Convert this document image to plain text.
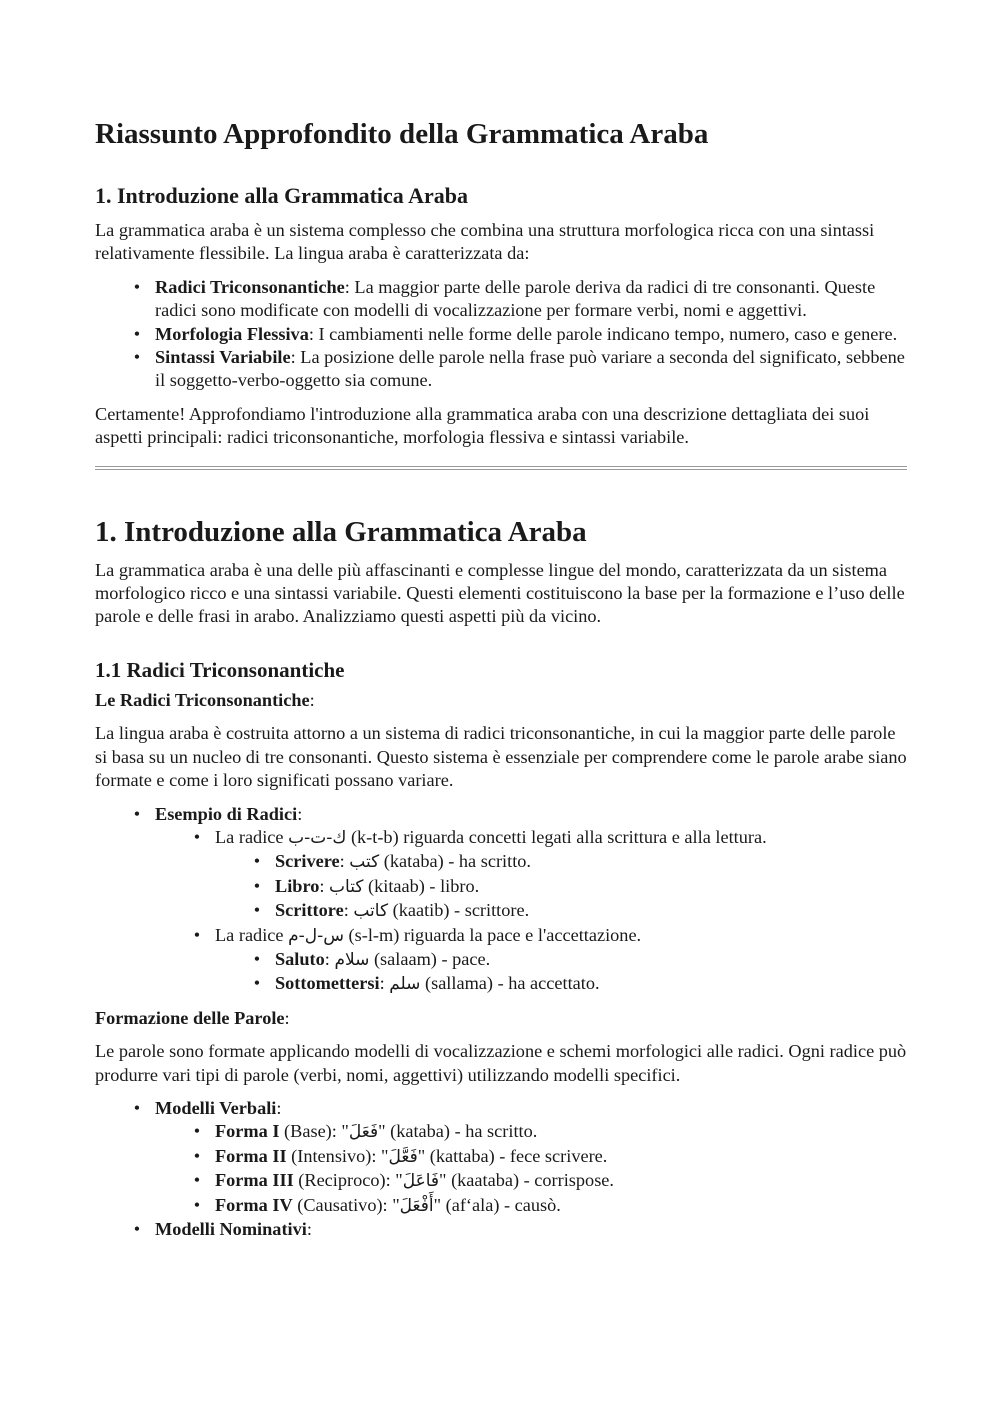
Riassunto Approfondito della Grammatica Araba
1. Introduzione alla Grammatica Araba

La grammatica araba è un sistema complesso che combina una struttura morfologica ricca con una sintassi relativamente flessibile. La lingua araba è caratterizzata da:

• Radici Triconsonantiche: La maggior parte delle parole deriva da radici di tre consonanti. Queste radici sono modificate con modelli di vocalizzazione per formare verbi, nomi e aggettivi.
• Morfologia Flessiva: I cambiamenti nelle forme delle parole indicano tempo, numero, caso e genere.
• Sintassi Variabile: La posizione delle parole nella frase può variare a seconda del significato, sebbene il soggetto-verbo-oggetto sia comune.

Certamente! Approfondiamo l'introduzione alla grammatica araba con una descrizione dettagliata dei suoi aspetti principali: radici triconsonantiche, morfologia flessiva e sintassi variabile.

1. Introduzione alla Grammatica Araba

La grammatica araba è una delle più affascinanti e complesse lingue del mondo, caratterizzata da un sistema morfologico ricco e una sintassi variabile. Questi elementi costituiscono la base per la formazione e l’uso delle parole e delle frasi in arabo. Analizziamo questi aspetti più da vicino.

1.1 Radici Triconsonantiche

Le Radici Triconsonantiche:

La lingua araba è costruita attorno a un sistema di radici triconsonantiche, in cui la maggior parte delle parole si basa su un nucleo di tre consonanti. Questo sistema è essenziale per comprendere come le parole arabe siano formate e come i loro significati possano variare.

• Esempio di Radici:
• La radice ك-ت-ب (k-t-b) riguarda concetti legati alla scrittura e alla lettura.
• Scrivere: كتب (kataba) - ha scritto.
• Libro: كتاب (kitaab) - libro.
• Scrittore: كاتب (kaatib) - scrittore.
• La radice س-ل-م (s-l-m) riguarda la pace e l'accettazione.
• Saluto: سلام (salaam) - pace.
• Sottomettersi: سلم (sallama) - ha accettato.

Formazione delle Parole:

Le parole sono formate applicando modelli di vocalizzazione e schemi morfologici alle radici. Ogni radice può produrre vari tipi di parole (verbi, nomi, aggettivi) utilizzando modelli specifici.

• Modelli Verbali:
• Forma I (Base): "فَعَلَ" (kataba) - ha scritto.
• Forma II (Intensivo): "فَعَّلَ" (kattaba) - fece scrivere.
• Forma III (Reciproco): "فَاعَلَ" (kaataba) - corrispose.
• Forma IV (Causativo): "أَفْعَلَ" (af‘ala) - causò.
• Modelli Nominativi:
